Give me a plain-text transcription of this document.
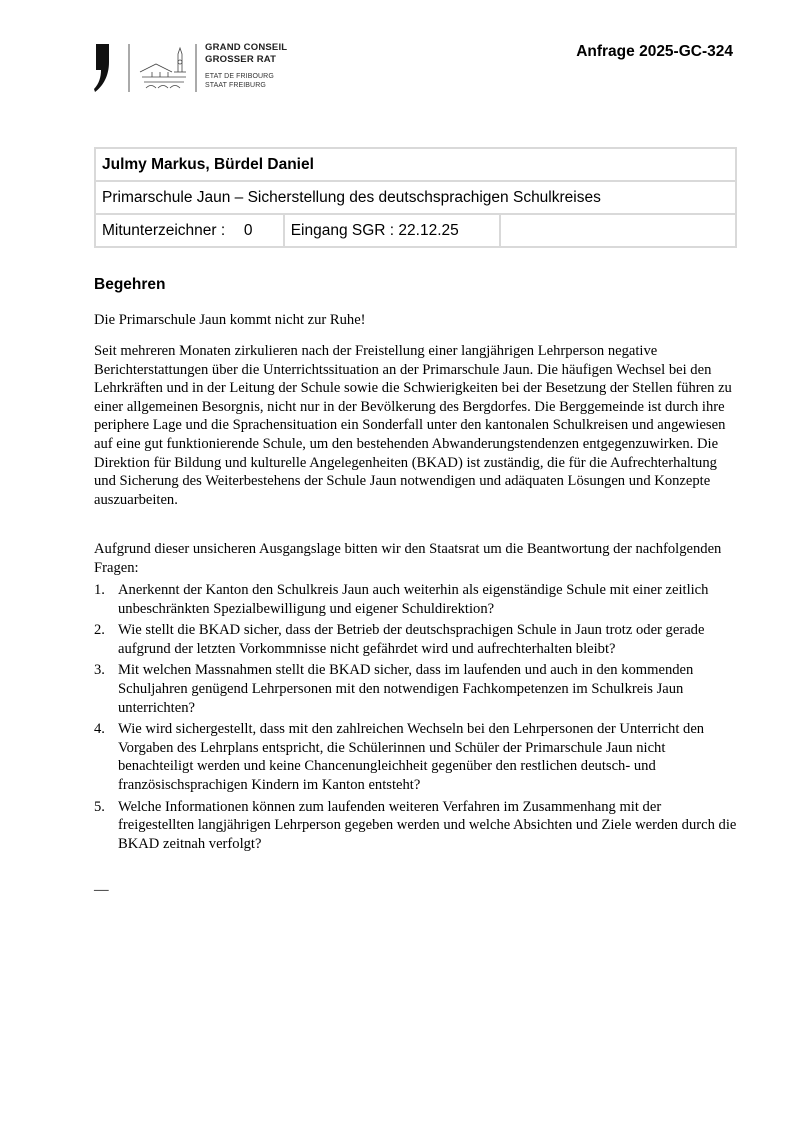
GRAND CONSEIL
GROSSER RAT
ETAT DE FRIBOURG
STAAT FREIBURG
Anfrage 2025-GC-324
Julmy Markus, Bürdel Daniel
Primarschule Jaun – Sicherstellung des deutschsprachigen Schulkreises
Mitunterzeichner : 0	Eingang SGR : 22.12.25	
Begehren

Die Primarschule Jaun kommt nicht zur Ruhe!

Seit mehreren Monaten zirkulieren nach der Freistellung einer langjährigen Lehrperson negative Berichterstattungen über die Unterrichtssituation an der Primarschule Jaun. Die häufigen Wechsel bei den Lehrkräften und in der Leitung der Schule sowie die Schwierigkeiten bei der Besetzung der Stellen führen zu einer allgemeinen Besorgnis, nicht nur in der Bevölkerung des Bergdorfes. Die Berggemeinde ist durch ihre periphere Lage und die Sprachensituation ein Sonderfall unter den kantonalen Schulkreisen und angewiesen auf eine gut funktionierende Schule, um den bestehenden Abwanderungstendenzen entgegenzuwirken. Die Direktion für Bildung und kulturelle Angelegenheiten (BKAD) ist zuständig, die für die Aufrechterhaltung und Sicherung des Weiterbestehens der Schule Jaun notwendigen und adäquaten Lösungen und Konzepte auszuarbeiten.

Aufgrund dieser unsicheren Ausgangslage bitten wir den Staatsrat um die Beantwortung der nachfolgenden Fragen:

1. Anerkennt der Kanton den Schulkreis Jaun auch weiterhin als eigenständige Schule mit einer zeitlich unbeschränkten Spezialbewilligung und eigener Schuldirektion?
2. Wie stellt die BKAD sicher, dass der Betrieb der deutschsprachigen Schule in Jaun trotz oder gerade aufgrund der letzten Vorkommnisse nicht gefährdet wird und aufrechterhalten bleibt?
3. Mit welchen Massnahmen stellt die BKAD sicher, dass im laufenden und auch in den kommenden Schuljahren genügend Lehrpersonen mit den notwendigen Fachkompetenzen im Schulkreis Jaun unterrichten?
4. Wie wird sichergestellt, dass mit den zahlreichen Wechseln bei den Lehrpersonen der Unterricht den Vorgaben des Lehrplans entspricht, die Schülerinnen und Schüler der Primarschule Jaun nicht benachteiligt werden und keine Chancenungleichheit gegenüber den restlichen deutsch- und französischsprachigen Kindern im Kanton entsteht?
5. Welche Informationen können zum laufenden weiteren Verfahren im Zusammenhang mit der freigestellten langjährigen Lehrperson gegeben werden und welche Absichten und Ziele werden durch die BKAD zeitnah verfolgt?
—
